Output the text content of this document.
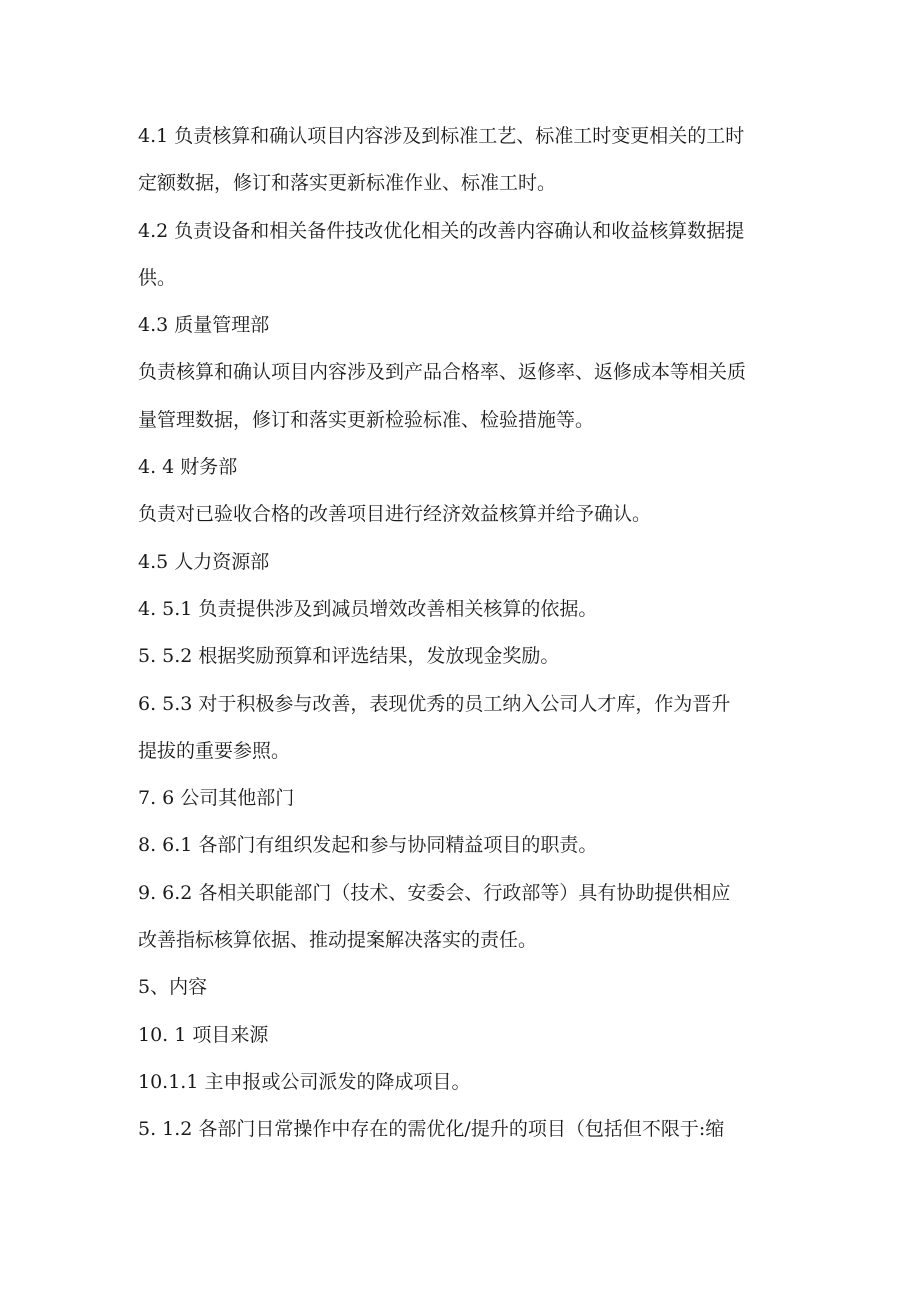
4.1 负责核算和确认项目内容涉及到标准工艺、标准工时变更相关的工时
定额数据，修订和落实更新标准作业、标准工时。
4.2 负责设备和相关备件技改优化相关的改善内容确认和收益核算数据提
供。
4.3 质量管理部
负责核算和确认项目内容涉及到产品合格率、返修率、返修成本等相关质
量管理数据，修订和落实更新检验标准、检验措施等。
4. 4 财务部
负责对已验收合格的改善项目进行经济效益核算并给予确认。
4.5 人力资源部
4. 5.1 负责提供涉及到减员增效改善相关核算的依据。
5. 5.2 根据奖励预算和评选结果，发放现金奖励。
6. 5.3 对于积极参与改善，表现优秀的员工纳入公司人才库，作为晋升
提拔的重要参照。
7. 6 公司其他部门
8. 6.1 各部门有组织发起和参与协同精益项目的职责。
9. 6.2 各相关职能部门（技术、安委会、行政部等）具有协助提供相应
改善指标核算依据、推动提案解决落实的责任。
5、内容
10. 1 项目来源
10.1.1 主申报或公司派发的降成项目。
5. 1.2 各部门日常操作中存在的需优化/提升的项目（包括但不限于:缩
